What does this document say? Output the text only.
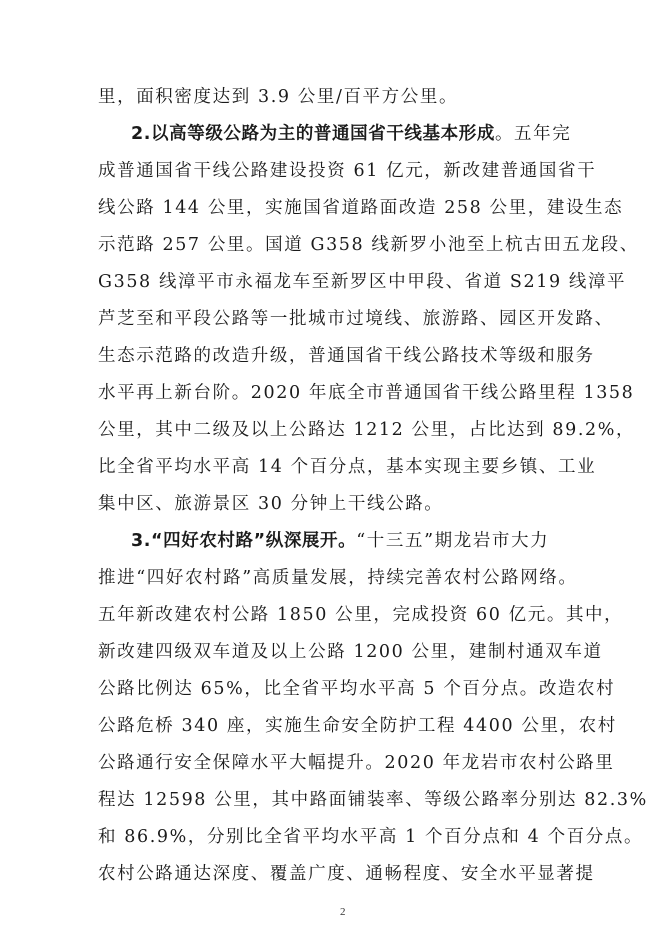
里，面积密度达到 3.9 公里/百平方公里。
2.以高等级公路为主的普通国省干线基本形成。五年完
成普通国省干线公路建设投资 61 亿元，新改建普通国省干
线公路 144 公里，实施国省道路面改造 258 公里，建设生态
示范路 257 公里。国道 G358 线新罗小池至上杭古田五龙段、
G358 线漳平市永福龙车至新罗区中甲段、省道 S219 线漳平
芦芝至和平段公路等一批城市过境线、旅游路、园区开发路、
生态示范路的改造升级，普通国省干线公路技术等级和服务
水平再上新台阶。2020 年底全市普通国省干线公路里程 1358
公里，其中二级及以上公路达 1212 公里，占比达到 89.2%，
比全省平均水平高 14 个百分点，基本实现主要乡镇、工业
集中区、旅游景区 30 分钟上干线公路。
3.“四好农村路”纵深展开。“十三五”期龙岩市大力
推进“四好农村路”高质量发展，持续完善农村公路网络。
五年新改建农村公路 1850 公里，完成投资 60 亿元。其中，
新改建四级双车道及以上公路 1200 公里，建制村通双车道
公路比例达 65%，比全省平均水平高 5 个百分点。改造农村
公路危桥 340 座，实施生命安全防护工程 4400 公里，农村
公路通行安全保障水平大幅提升。2020 年龙岩市农村公路里
程达 12598 公里，其中路面铺装率、等级公路率分别达 82.3%
和 86.9%，分别比全省平均水平高 1 个百分点和 4 个百分点。
农村公路通达深度、覆盖广度、通畅程度、安全水平显著提
2
